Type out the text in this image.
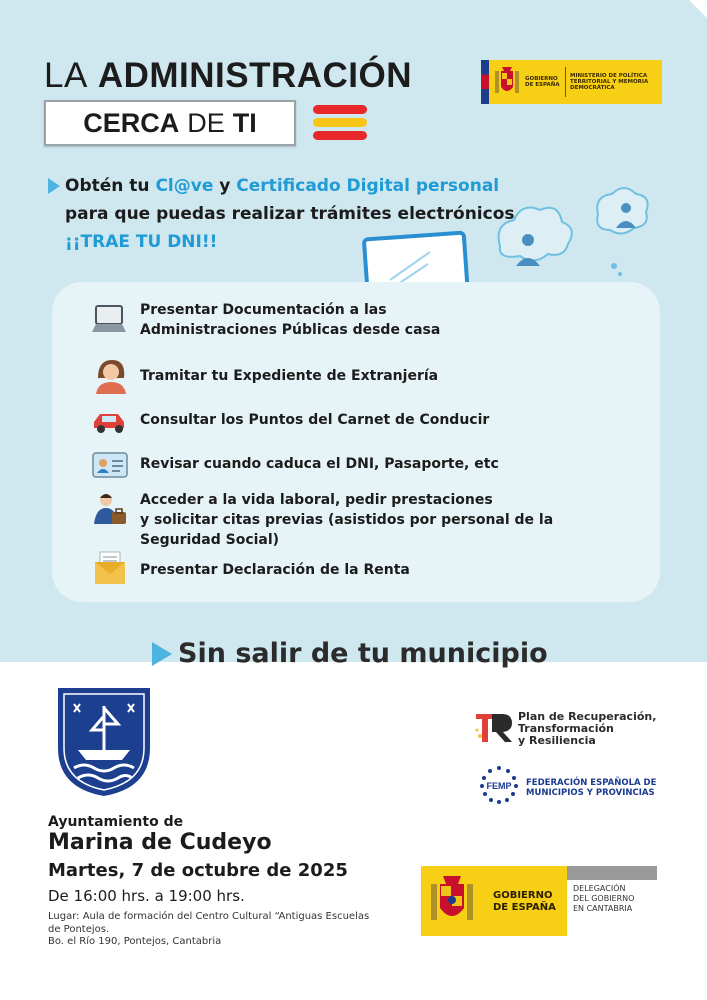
LA ADMINISTRACIÓN
CERCA DE TI
GOBIERNO DE ESPAÑA
MINISTERIO DE POLÍTICA TERRITORIAL Y MEMORIA DEMOCRÁTICA
Obtén tu Cl@ve y Certificado Digital personal
para que puedas realizar trámites electrónicos
¡¡TRAE TU DNI!!
Presentar Documentación a las
Administraciones Públicas desde casa
Tramitar tu Expediente de Extranjería
Consultar los Puntos del Carnet de Conducir
Revisar cuando caduca el DNI, Pasaporte, etc
Acceder a la vida laboral, pedir prestaciones
y solicitar citas previas (asistidos por personal de la
Seguridad Social)
Presentar Declaración de la Renta
Sin salir de tu municipio
Ayuntamiento de
Marina de Cudeyo
Martes, 7 de octubre de 2025
De 16:00 hrs. a 19:00 hrs.
Lugar: Aula de formación del Centro Cultural “Antiguas Escuelas de Pontejos.
Bo. el Río 190, Pontejos, Cantabria
Plan de Recuperación,
Transformación
y Resiliencia
FEMP FEDERACIÓN ESPAÑOLA DE
MUNICIPIOS Y PROVINCIAS
GOBIERNO
DE ESPAÑA
DELEGACIÓN
DEL GOBIERNO
EN CANTABRIA
